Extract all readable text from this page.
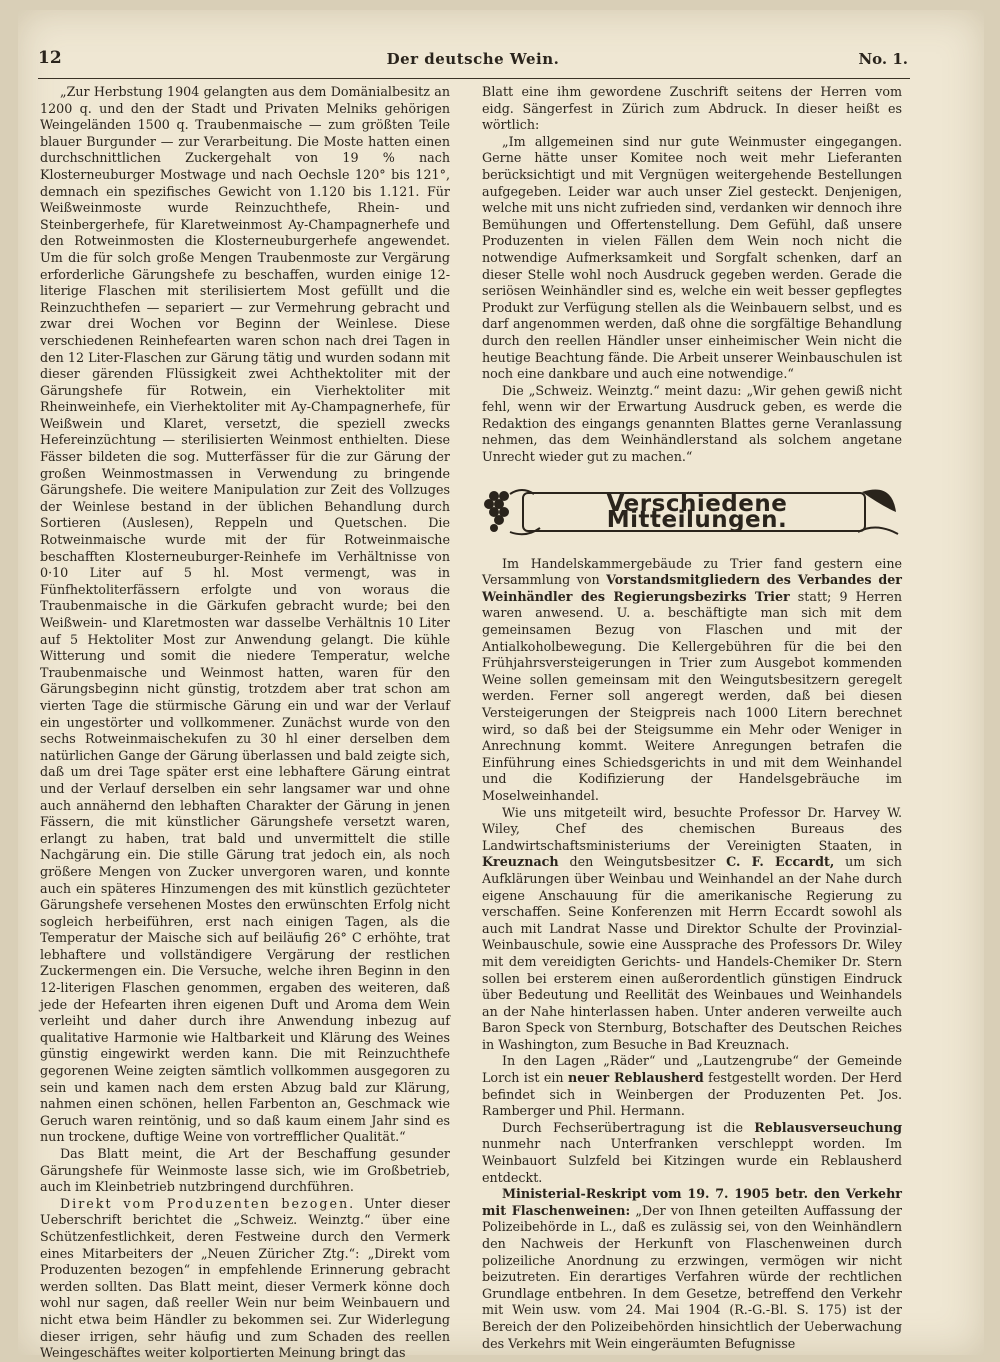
12	Der deutsche Wein.	No. 1.

„Zur Herbstung 1904 gelangten aus dem Domänialbesitz an 1200 q. und den der Stadt und Privaten Melniks gehörigen Weingeländen 1500 q. Traubenmaische — zum größten Teile blauer Burgunder — zur Verarbeitung. Die Moste hatten einen durchschnittlichen Zuckergehalt von 19 % nach Klosterneuburger Mostwage und nach Oechsle 120° bis 121°, demnach ein spezifisches Gewicht von 1.120 bis 1.121. Für Weißweinmoste wurde Reinzuchthefe, Rhein- und Steinbergerhefe, für Klaretweinmost Ay-Champagnerhefe und den Rotweinmosten die Klosterneuburgerhefe angewendet. Um die für solch große Mengen Traubenmoste zur Vergärung erforderliche Gärungshefe zu beschaffen, wurden einige 12-literige Flaschen mit sterilisiertem Most gefüllt und die Reinzuchthefen — separiert — zur Vermehrung gebracht und zwar drei Wochen vor Beginn der Weinlese. Diese verschiedenen Reinhefearten waren schon nach drei Tagen in den 12 Liter-Flaschen zur Gärung tätig und wurden sodann mit dieser gärenden Flüssigkeit zwei Achthektoliter mit der Gärungshefe für Rotwein, ein Vierhektoliter mit Rheinweinhefe, ein Vierhektoliter mit Ay-Champagnerhefe, für Weißwein und Klaret, versetzt, die speziell zwecks Hefereinzüchtung — sterilisierten Weinmost enthielten. Diese Fässer bildeten die sog. Mutterfässer für die zur Gärung der großen Weinmostmassen in Verwendung zu bringende Gärungshefe. Die weitere Manipulation zur Zeit des Vollzuges der Weinlese bestand in der üblichen Behandlung durch Sortieren (Auslesen), Reppeln und Quetschen. Die Rotweinmaische wurde mit der für Rotweinmaische beschafften Klosterneuburger-Reinhefe im Verhältnisse von 0·10 Liter auf 5 hl. Most vermengt, was in Fünfhektoliterfässern erfolgte und von woraus die Traubenmaische in die Gärkufen gebracht wurde; bei den Weißwein- und Klaretmosten war dasselbe Verhältnis 10 Liter auf 5 Hektoliter Most zur Anwendung gelangt. Die kühle Witterung und somit die niedere Temperatur, welche Traubenmaische und Weinmost hatten, waren für den Gärungsbeginn nicht günstig, trotzdem aber trat schon am vierten Tage die stürmische Gärung ein und war der Verlauf ein ungestörter und vollkommener. Zunächst wurde von den sechs Rotweinmaischekufen zu 30 hl einer derselben dem natürlichen Gange der Gärung überlassen und bald zeigte sich, daß um drei Tage später erst eine lebhaftere Gärung eintrat und der Verlauf derselben ein sehr langsamer war und ohne auch annähernd den lebhaften Charakter der Gärung in jenen Fässern, die mit künstlicher Gärungshefe versetzt waren, erlangt zu haben, trat bald und unvermittelt die stille Nachgärung ein. Die stille Gärung trat jedoch ein, als noch größere Mengen von Zucker unvergoren waren, und konnte auch ein späteres Hinzumengen des mit künstlich gezüchteter Gärungshefe versehenen Mostes den erwünschten Erfolg nicht sogleich herbeiführen, erst nach einigen Tagen, als die Temperatur der Maische sich auf beiläufig 26° C erhöhte, trat lebhaftere und vollständigere Vergärung der restlichen Zuckermengen ein. Die Versuche, welche ihren Beginn in den 12-literigen Flaschen genommen, ergaben des weiteren, daß jede der Hefearten ihren eigenen Duft und Aroma dem Wein verleiht und daher durch ihre Anwendung inbezug auf qualitative Harmonie wie Haltbarkeit und Klärung des Weines günstig eingewirkt werden kann. Die mit Reinzuchthefe gegorenen Weine zeigten sämtlich vollkommen ausgegoren zu sein und kamen nach dem ersten Abzug bald zur Klärung, nahmen einen schönen, hellen Farbenton an, Geschmack wie Geruch waren reintönig, und so daß kaum einem Jahr sind es nun trockene, duftige Weine von vortrefflicher Qualität.“

Das Blatt meint, die Art der Beschaffung gesunder Gärungshefe für Weinmoste lasse sich, wie im Großbetrieb, auch im Kleinbetrieb nutzbringend durchführen.

Direkt vom Produzenten bezogen. Unter dieser Ueberschrift berichtet die „Schweiz. Weinztg.“ über eine Schützenfestlichkeit, deren Festweine durch den Vermerk eines Mitarbeiters der „Neuen Züricher Ztg.“: „Direkt vom Produzenten bezogen“ in empfehlende Erinnerung gebracht werden sollten. Das Blatt meint, dieser Vermerk könne doch wohl nur sagen, daß reeller Wein nur beim Weinbauern und nicht etwa beim Händler zu bekommen sei. Zur Widerlegung dieser irrigen, sehr häufig und zum Schaden des reellen Weingeschäftes weiter kolportierten Meinung bringt das

Blatt eine ihm gewordene Zuschrift seitens der Herren vom eidg. Sängerfest in Zürich zum Abdruck. In dieser heißt es wörtlich:

„Im allgemeinen sind nur gute Weinmuster eingegangen. Gerne hätte unser Komitee noch weit mehr Lieferanten berücksichtigt und mit Vergnügen weitergehende Bestellungen aufgegeben. Leider war auch unser Ziel gesteckt. Denjenigen, welche mit uns nicht zufrieden sind, verdanken wir dennoch ihre Bemühungen und Offertenstellung. Dem Gefühl, daß unsere Produzenten in vielen Fällen dem Wein noch nicht die notwendige Aufmerksamkeit und Sorgfalt schenken, darf an dieser Stelle wohl noch Ausdruck gegeben werden. Gerade die seriösen Weinhändler sind es, welche ein weit besser gepflegtes Produkt zur Verfügung stellen als die Weinbauern selbst, und es darf angenommen werden, daß ohne die sorgfältige Behandlung durch den reellen Händler unser einheimischer Wein nicht die heutige Beachtung fände. Die Arbeit unserer Weinbauschulen ist noch eine dankbare und auch eine notwendige.“

Die „Schweiz. Weinztg.“ meint dazu: „Wir gehen gewiß nicht fehl, wenn wir der Erwartung Ausdruck geben, es werde die Redaktion des eingangs genannten Blattes gerne Veranlassung nehmen, das dem Weinhändlerstand als solchem angetane Unrecht wieder gut zu machen.“

Verschiedene Mitteilungen.

Im Handelskammergebäude zu Trier fand gestern eine Versammlung von Vorstandsmitgliedern des Verbandes der Weinhändler des Regierungsbezirks Trier statt; 9 Herren waren anwesend. U. a. beschäftigte man sich mit dem gemeinsamen Bezug von Flaschen und mit der Antialkoholbewegung. Die Kellergebühren für die bei den Frühjahrsversteigerungen in Trier zum Ausgebot kommenden Weine sollen gemeinsam mit den Weingutsbesitzern geregelt werden. Ferner soll angeregt werden, daß bei diesen Versteigerungen der Steigpreis nach 1000 Litern berechnet wird, so daß bei der Steigsumme ein Mehr oder Weniger in Anrechnung kommt. Weitere Anregungen betrafen die Einführung eines Schiedsgerichts in und mit dem Weinhandel und die Kodifizierung der Handelsgebräuche im Moselweinhandel.

Wie uns mitgeteilt wird, besuchte Professor Dr. Harvey W. Wiley, Chef des chemischen Bureaus des Landwirtschaftsministeriums der Vereinigten Staaten, in Kreuznach den Weingutsbesitzer C. F. Eccardt, um sich Aufklärungen über Weinbau und Weinhandel an der Nahe durch eigene Anschauung für die amerikanische Regierung zu verschaffen. Seine Konferenzen mit Herrn Eccardt sowohl als auch mit Landrat Nasse und Direktor Schulte der Provinzial-Weinbauschule, sowie eine Aussprache des Professors Dr. Wiley mit dem vereidigten Gerichts- und Handels-Chemiker Dr. Stern sollen bei ersterem einen außerordentlich günstigen Eindruck über Bedeutung und Reellität des Weinbaues und Weinhandels an der Nahe hinterlassen haben. Unter anderen verweilte auch Baron Speck von Sternburg, Botschafter des Deutschen Reiches in Washington, zum Besuche in Bad Kreuznach.

In den Lagen „Räder“ und „Lautzengrube“ der Gemeinde Lorch ist ein neuer Reblausherd festgestellt worden. Der Herd befindet sich in Weinbergen der Produzenten Pet. Jos. Ramberger und Phil. Hermann.

Durch Fechserübertragung ist die Reblausverseuchung nunmehr nach Unterfranken verschleppt worden. Im Weinbauort Sulzfeld bei Kitzingen wurde ein Reblausherd entdeckt.

Ministerial-Reskript vom 19. 7. 1905 betr. den Verkehr mit Flaschenweinen: „Der von Ihnen geteilten Auffassung der Polizeibehörde in L., daß es zulässig sei, von den Weinhändlern den Nachweis der Herkunft von Flaschenweinen durch polizeiliche Anordnung zu erzwingen, vermögen wir nicht beizutreten. Ein derartiges Verfahren würde der rechtlichen Grundlage entbehren. In dem Gesetze, betreffend den Verkehr mit Wein usw. vom 24. Mai 1904 (R.-G.-Bl. S. 175) ist der Bereich der den Polizeibehörden hinsichtlich der Ueberwachung des Verkehrs mit Wein eingeräumten Befugnisse
